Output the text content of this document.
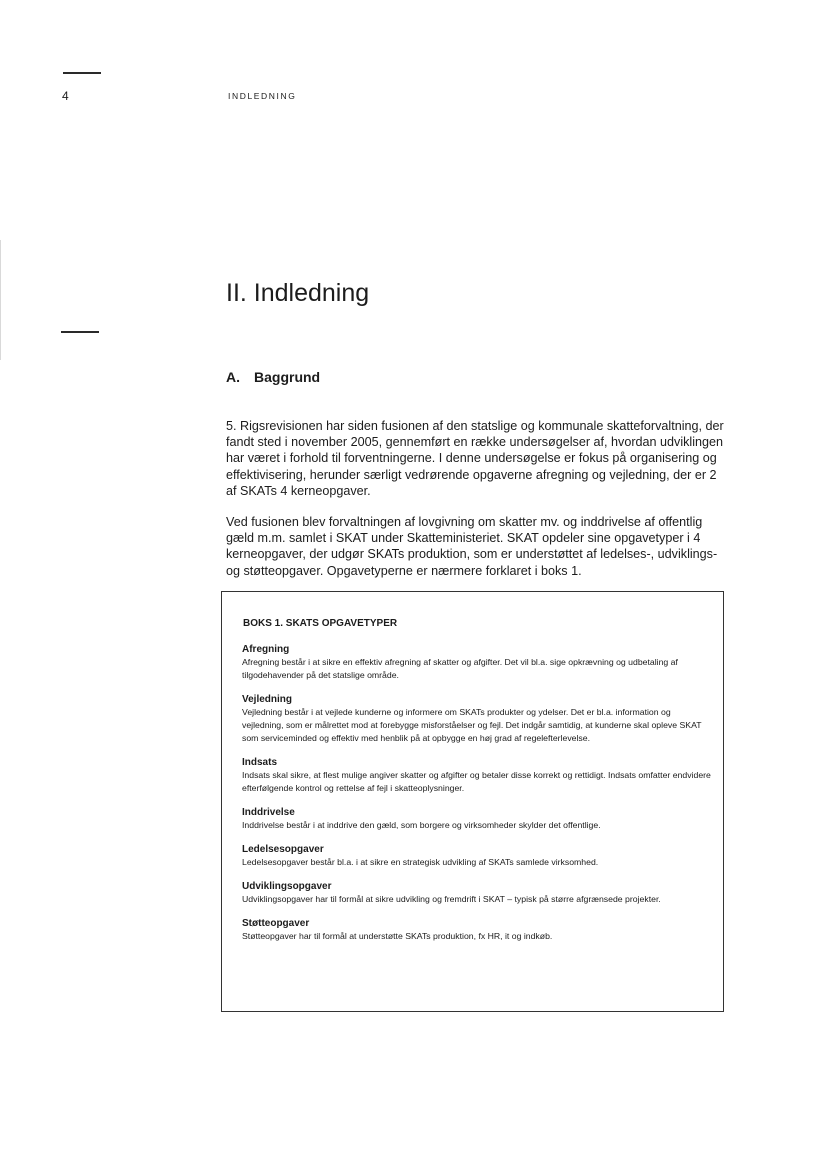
4	INDLEDNING
II. Indledning
A. Baggrund

5. Rigsrevisionen har siden fusionen af den statslige og kommunale skatteforvaltning, der fandt sted i november 2005, gennemført en række undersøgelser af, hvordan udviklingen har været i forhold til forventningerne. I denne undersøgelse er fokus på organisering og effektivisering, herunder særligt vedrørende opgaverne afregning og vejledning, der er 2 af SKATs 4 kerneopgaver.

Ved fusionen blev forvaltningen af lovgivning om skatter mv. og inddrivelse af offentlig gæld m.m. samlet i SKAT under Skatteministeriet. SKAT opdeler sine opgavetyper i 4 kerneopgaver, der udgør SKATs produktion, som er understøttet af ledelses-, udviklings- og støtteopgaver. Opgavetyperne er nærmere forklaret i boks 1.

BOKS 1. SKATS OPGAVETYPER

Afregning

Afregning består i at sikre en effektiv afregning af skatter og afgifter. Det vil bl.a. sige opkrævning og udbetaling af tilgodehavender på det statslige område.

Vejledning

Vejledning består i at vejlede kunderne og informere om SKATs produkter og ydelser. Det er bl.a. information og vejledning, som er målrettet mod at forebygge misforståelser og fejl. Det indgår samtidig, at kunderne skal opleve SKAT som serviceminded og effektiv med henblik på at opbygge en høj grad af regelefterlevelse.

Indsats

Indsats skal sikre, at flest mulige angiver skatter og afgifter og betaler disse korrekt og rettidigt. Indsats omfatter endvidere efterfølgende kontrol og rettelse af fejl i skatteoplysninger.

Inddrivelse

Inddrivelse består i at inddrive den gæld, som borgere og virksomheder skylder det offentlige.

Ledelsesopgaver

Ledelsesopgaver består bl.a. i at sikre en strategisk udvikling af SKATs samlede virksomhed.

Udviklingsopgaver

Udviklingsopgaver har til formål at sikre udvikling og fremdrift i SKAT – typisk på større afgrænsede projekter.

Støtteopgaver

Støtteopgaver har til formål at understøtte SKATs produktion, fx HR, it og indkøb.
